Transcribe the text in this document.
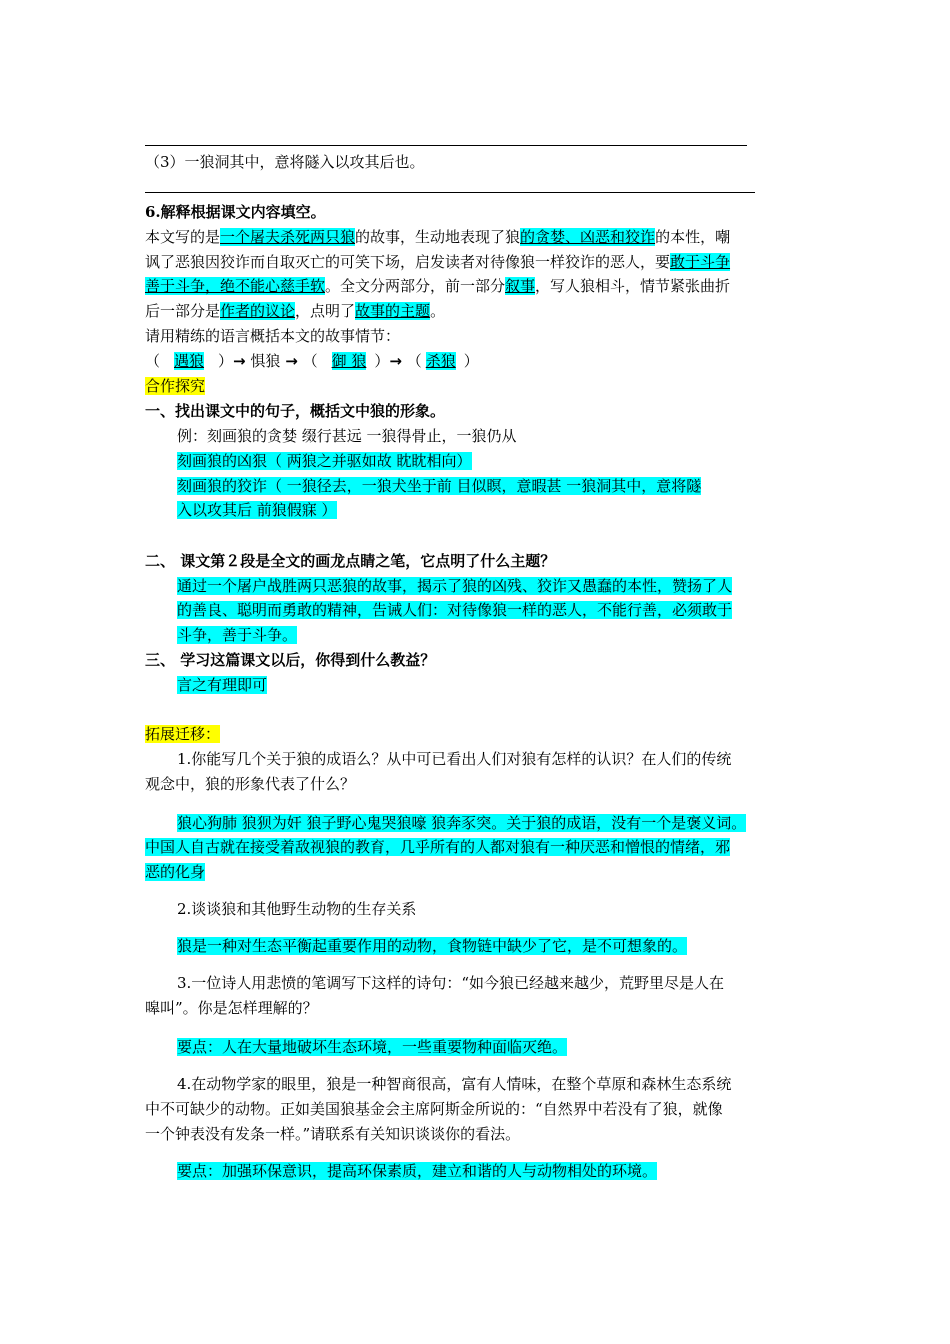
（3）一狼洞其中，意将隧入以攻其后也。
6.解释根据课文内容填空。
本文写的是一个屠夫杀死两只狼的故事，生动地表现了狼的贪婪、凶恶和狡诈的本性，嘲
讽了恶狼因狡诈而自取灭亡的可笑下场，启发读者对待像狼一样狡诈的恶人，要敢于斗争
善于斗争，绝不能心慈手软。全文分两部分，前一部分叙事，写人狼相斗，情节紧张曲折
后一部分是作者的议论，点明了故事的主题。
请用精练的语言概括本文的故事情节：
（ 遇狼 ）→ 惧狼 → （ 御 狼 ）→ （ 杀狼 ）
合作探究
一、找出课文中的句子，概括文中狼的形象。
例：刻画狼的贪婪 缀行甚远 一狼得骨止，一狼仍从
刻画狼的凶狠（ 两狼之并驱如故 眈眈相向）
刻画狼的狡诈（ 一狼径去，一狼犬坐于前 目似瞑，意暇甚 一狼洞其中，意将隧
入以攻其后 前狼假寐 ）
二、 课文第２段是全文的画龙点睛之笔，它点明了什么主题？
通过一个屠户战胜两只恶狼的故事，揭示了狼的凶残、狡诈又愚蠢的本性，赞扬了人
的善良、聪明而勇敢的精神，告诫人们：对待像狼一样的恶人，不能行善，必须敢于
斗争，善于斗争。
三、 学习这篇课文以后，你得到什么教益？
言之有理即可
拓展迁移：
1.你能写几个关于狼的成语么？从中可已看出人们对狼有怎样的认识？在人们的传统
观念中，狼的形象代表了什么？
狼心狗肺 狼狈为奸 狼子野心鬼哭狼嚎 狼奔豕突。关于狼的成语，没有一个是褒义词。
中国人自古就在接受着敌视狼的教育，几乎所有的人都对狼有一种厌恶和憎恨的情绪，邪
恶的化身
2.谈谈狼和其他野生动物的生存关系
狼是一种对生态平衡起重要作用的动物，食物链中缺少了它，是不可想象的。
3.一位诗人用悲愤的笔调写下这样的诗句：“如今狼已经越来越少，荒野里尽是人在
嗥叫”。你是怎样理解的？
要点：人在大量地破坏生态环境，一些重要物种面临灭绝。
4.在动物学家的眼里，狼是一种智商很高，富有人情味，在整个草原和森林生态系统
中不可缺少的动物。正如美国狼基金会主席阿斯金所说的：“自然界中若没有了狼，就像
一个钟表没有发条一样。”请联系有关知识谈谈你的看法。
要点：加强环保意识，提高环保素质，建立和谐的人与动物相处的环境。
